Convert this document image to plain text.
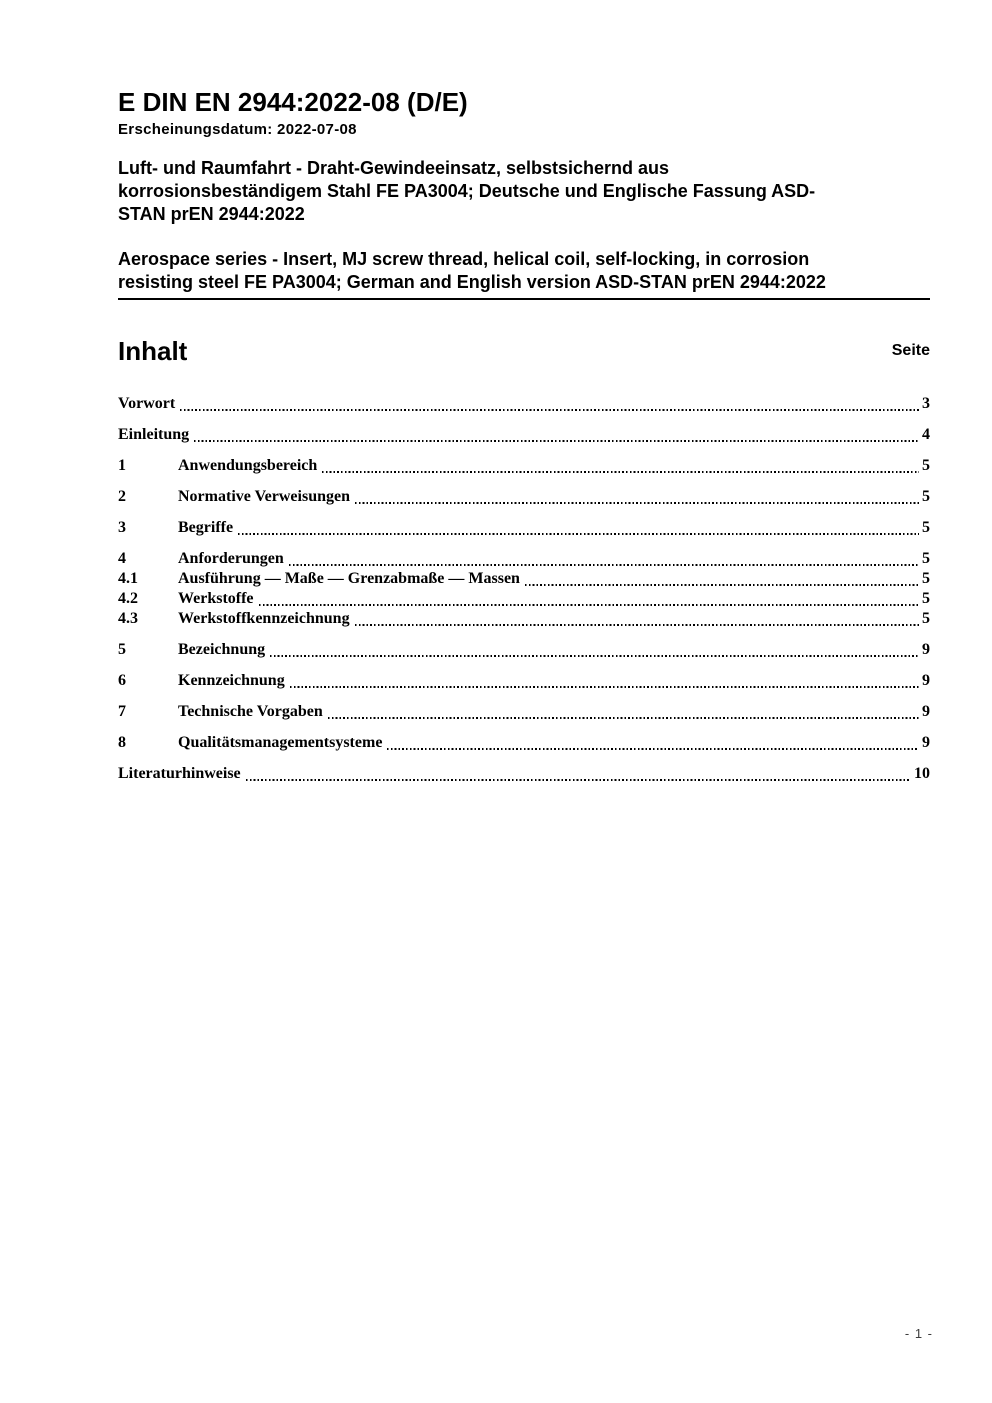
E DIN EN 2944:2022-08 (D/E)
Erscheinungsdatum: 2022-07-08
Luft- und Raumfahrt - Draht-Gewindeeinsatz, selbstsichernd aus
korrosionsbeständigem Stahl FE PA3004; Deutsche und Englische Fassung ASD-
STAN prEN 2944:2022
Aerospace series - Insert, MJ screw thread, helical coil, self-locking, in corrosion
resisting steel FE PA3004; German and English version ASD-STAN prEN 2944:2022
Inhalt	Seite
Vorwort	3
Einleitung	4
1	Anwendungsbereich	5
2	Normative Verweisungen	5
3	Begriffe	5
4	Anforderungen	5
4.1	Ausführung — Maße — Grenzabmaße — Massen	5
4.2	Werkstoffe	5
4.3	Werkstoffkennzeichnung	5
5	Bezeichnung	9
6	Kennzeichnung	9
7	Technische Vorgaben	9
8	Qualitätsmanagementsysteme	9
Literaturhinweise	10
- 1 -
